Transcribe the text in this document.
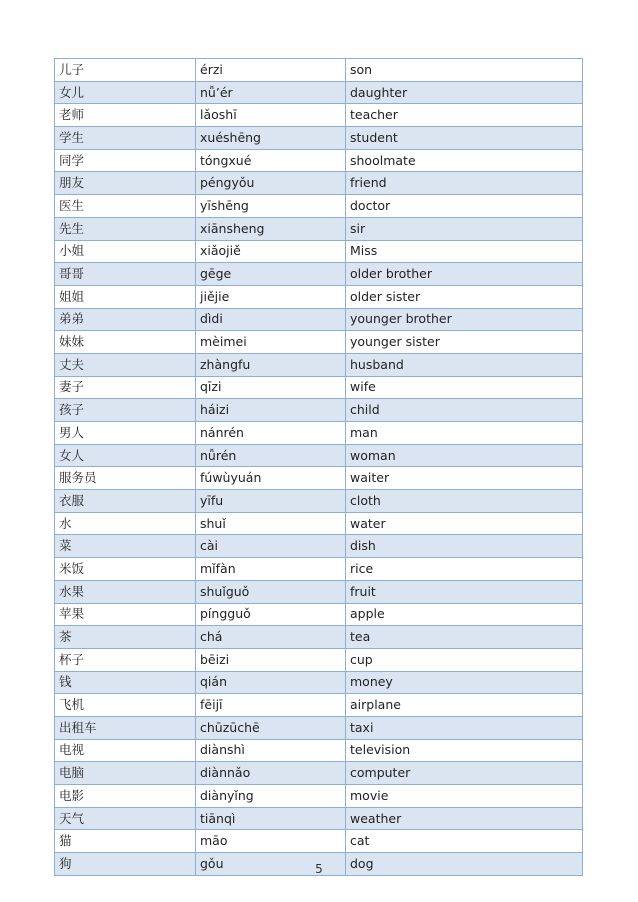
儿子	érzi	son
女儿	nǚ’ér	daughter
老师	lǎoshī	teacher
学生	xuéshēng	student
同学	tóngxué	shoolmate
朋友	péngyǒu	friend
医生	yīshēng	doctor
先生	xiānsheng	sir
小姐	xiǎojiě	Miss
哥哥	gēge	older brother
姐姐	jiějie	older sister
弟弟	dìdi	younger brother
妹妹	mèimei	younger sister
丈夫	zhàngfu	husband
妻子	qīzi	wife
孩子	háizi	child
男人	nánrén	man
女人	nǚrén	woman
服务员	fúwùyuán	waiter
衣服	yīfu	cloth
水	shuǐ	water
菜	cài	dish
米饭	mǐfàn	rice
水果	shuǐguǒ	fruit
苹果	píngguǒ	apple
茶	chá	tea
杯子	bēizi	cup
钱	qián	money
飞机	fēijī	airplane
出租车	chūzūchē	taxi
电视	diànshì	television
电脑	diànnǎo	computer
电影	diànyǐng	movie
天气	tiānqì	weather
猫	māo	cat
狗	gǒu	dog
5
